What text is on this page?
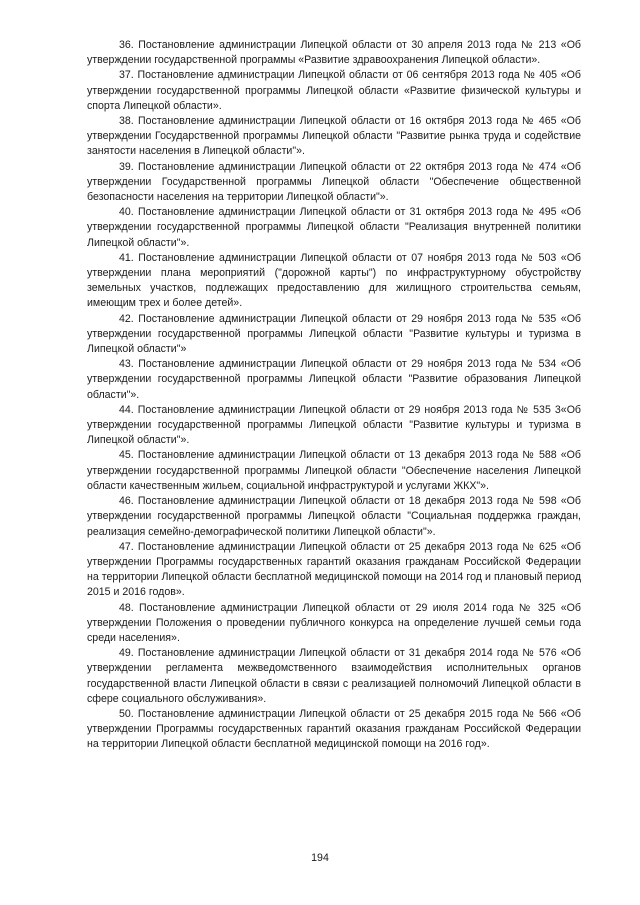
36. Постановление администрации Липецкой области от 30 апреля 2013 года № 213 «Об утверждении государственной программы «Развитие здравоохранения Липецкой области».

37. Постановление администрации Липецкой области от 06 сентября 2013 года № 405 «Об утверждении государственной программы Липецкой области «Развитие физической культуры и спорта Липецкой области».

38. Постановление администрации Липецкой области от 16 октября 2013 года № 465 «Об утверждении Государственной программы Липецкой области "Развитие рынка труда и содействие занятости населения в Липецкой области"».

39. Постановление администрации Липецкой области от 22 октября 2013 года № 474 «Об утверждении Государственной программы Липецкой области "Обеспечение общественной безопасности населения на территории Липецкой области"».

40. Постановление администрации Липецкой области от 31 октября 2013 года № 495 «Об утверждении государственной программы Липецкой области "Реализация внутренней политики Липецкой области"».

41. Постановление администрации Липецкой области от 07 ноября 2013 года № 503 «Об утверждении плана мероприятий ("дорожной карты") по инфраструктурному обустройству земельных участков, подлежащих предоставлению для жилищного строительства семьям, имеющим трех и более детей».

42. Постановление администрации Липецкой области от 29 ноября 2013 года № 535 «Об утверждении государственной программы Липецкой области "Развитие культуры и туризма в Липецкой области"»

43. Постановление администрации Липецкой области от 29 ноября 2013 года № 534 «Об утверждении государственной программы Липецкой области "Развитие образования Липецкой области"».

44. Постановление администрации Липецкой области от 29 ноября 2013 года № 535 3«Об утверждении государственной программы Липецкой области "Развитие культуры и туризма в Липецкой области"».

45. Постановление администрации Липецкой области от 13 декабря 2013 года № 588 «Об утверждении государственной программы Липецкой области "Обеспечение населения Липецкой области качественным жильем, социальной инфраструктурой и услугами ЖКХ"».

46. Постановление администрации Липецкой области от 18 декабря 2013 года № 598 «Об утверждении государственной программы Липецкой области "Социальная поддержка граждан, реализация семейно-демографической политики Липецкой области"».

47. Постановление администрации Липецкой области от 25 декабря 2013 года № 625 «Об утверждении Программы государственных гарантий оказания гражданам Российской Федерации на территории Липецкой области бесплатной медицинской помощи на 2014 год и плановый период 2015 и 2016 годов».

48. Постановление администрации Липецкой области от 29 июля 2014 года № 325 «Об утверждении Положения о проведении публичного конкурса на определение лучшей семьи года среди населения».

49. Постановление администрации Липецкой области от 31 декабря 2014 года № 576 «Об утверждении регламента межведомственного взаимодействия исполнительных органов государственной власти Липецкой области в связи с реализацией полномочий Липецкой области в сфере социального обслуживания».

50. Постановление администрации Липецкой области от 25 декабря 2015 года № 566 «Об утверждении Программы государственных гарантий оказания гражданам Российской Федерации на территории Липецкой области бесплатной медицинской помощи на 2016 год».

194
